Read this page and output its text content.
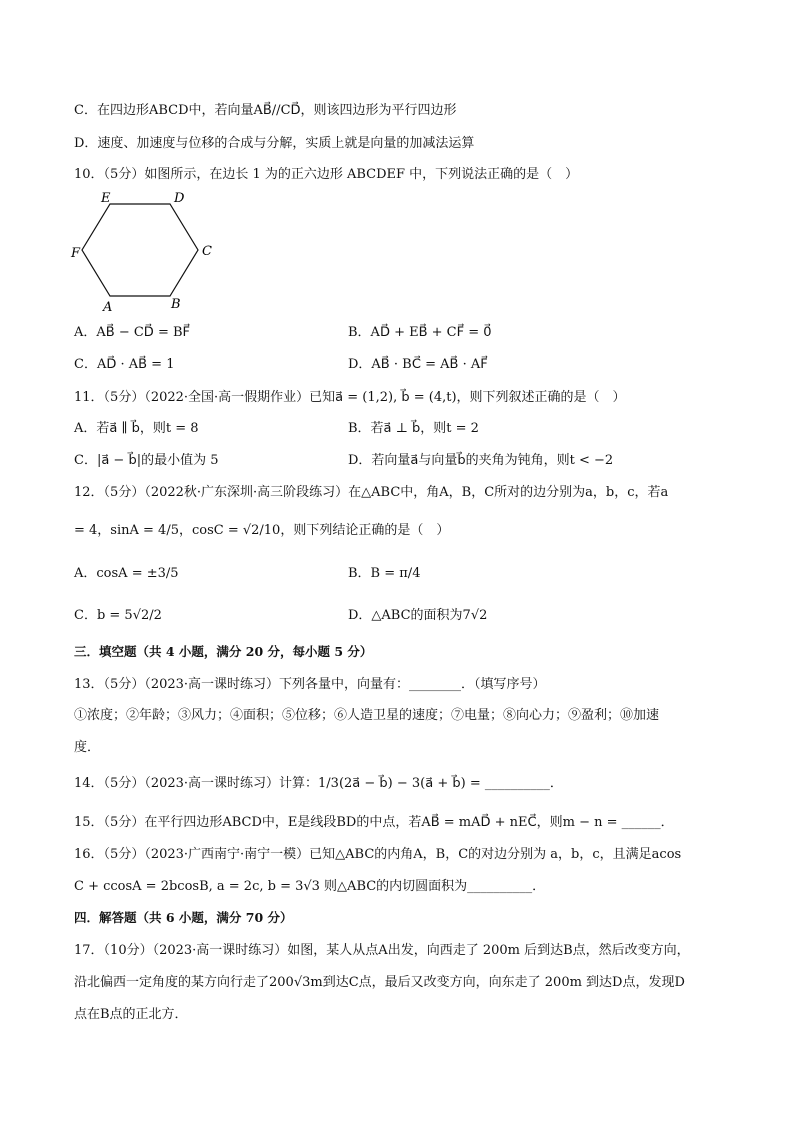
C．在四边形ABCD中，若向量AB⃗//CD⃗，则该四边形为平行四边形
D．速度、加速度与位移的合成与分解，实质上就是向量的加减法运算
10．（5分）如图所示，在边长 1 为的正六边形 ABCDEF 中，下列说法正确的是（　）
E	D
C
F
B
A
A．AB⃗ − CD⃗ = BF⃗	B．AD⃗ + EB⃗ + CF⃗ = 0⃗
C．AD⃗ · AB⃗ = 1	D．AB⃗ · BC⃗ = AB⃗ · AF⃗
11．（5分）（2022·全国·高一假期作业）已知a⃗ = (1,2), b⃗ = (4,t)，则下列叙述正确的是（　）
A．若a⃗ ∥ b⃗，则t = 8	B．若a⃗ ⊥ b⃗，则t = 2
C．|a⃗ − b⃗|的最小值为 5	D．若向量a⃗与向量b⃗的夹角为钝角，则t < −2
12．（5分）（2022秋·广东深圳·高三阶段练习）在△ABC中，角A，B，C所对的边分别为a，b，c，若a
= 4，sinA = 4/5，cosC = √2/10，则下列结论正确的是（　）
A．cosA = ±3/5	B．B = π/4
C．b = 5√2/2	D．△ABC的面积为7√2
三．填空题（共 4 小题，满分 20 分，每小题 5 分）
13．（5分）（2023·高一课时练习）下列各量中，向量有：________．（填写序号）
①浓度；②年龄；③风力；④面积；⑤位移；⑥人造卫星的速度；⑦电量；⑧向心力；⑨盈利；⑩加速
度．
14．（5分）（2023·高一课时练习）计算：1/3(2a⃗ − b⃗) − 3(a⃗ + b⃗) = __________．
15．（5分）在平行四边形ABCD中，E是线段BD的中点，若AB⃗ = mAD⃗ + nEC⃗，则m − n = ______．
16．（5分）（2023·广西南宁·南宁一模）已知△ABC的内角A，B，C的对边分别为 a，b，c，且满足acos
C + ccosA = 2bcosB, a = 2c, b = 3√3 则△ABC的内切圆面积为__________．
四．解答题（共 6 小题，满分 70 分）
17．（10分）（2023·高一课时练习）如图，某人从点A出发，向西走了 200m 后到达B点，然后改变方向，
沿北偏西一定角度的某方向行走了200√3m到达C点，最后又改变方向，向东走了 200m 到达D点，发现D
点在B点的正北方．
